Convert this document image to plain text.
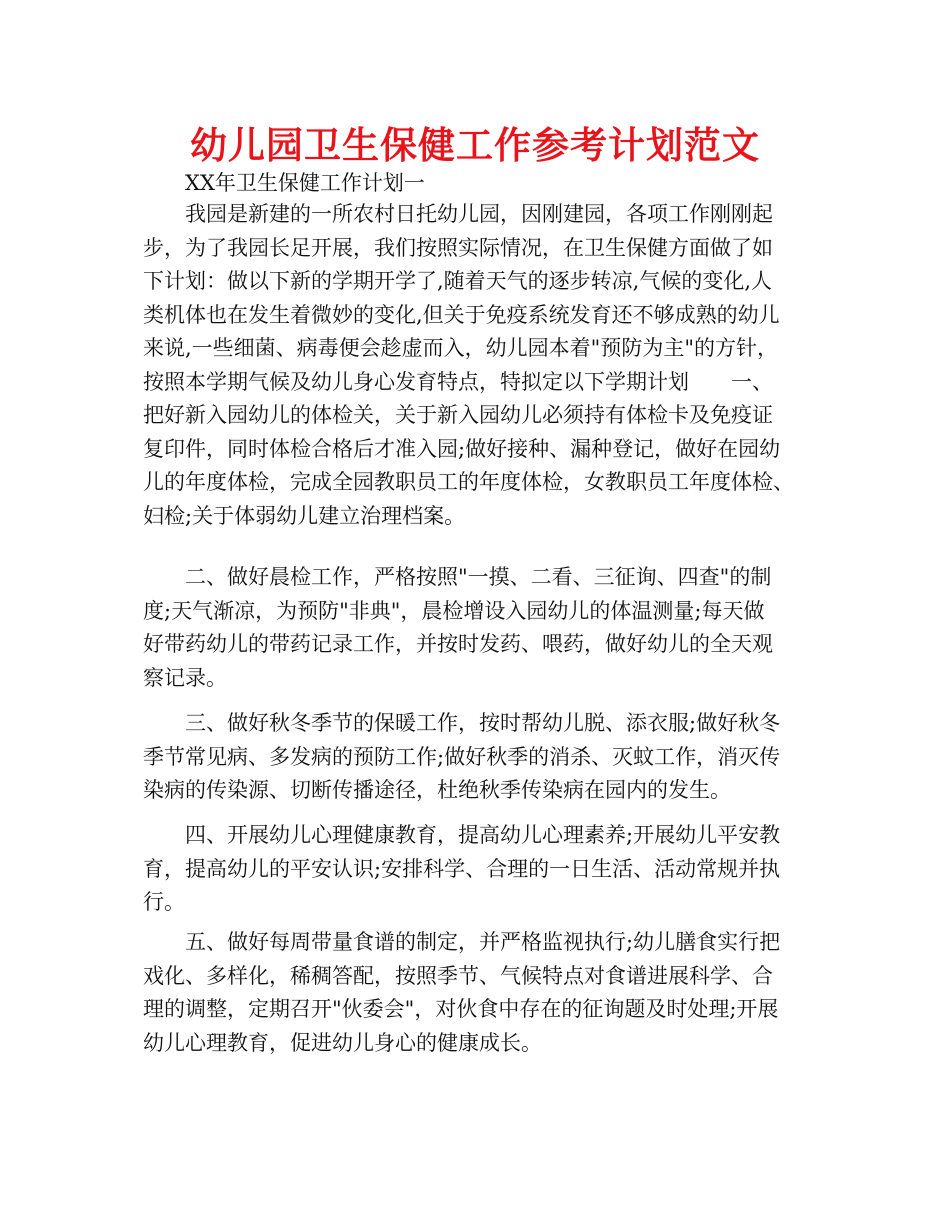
幼儿园卫生保健工作参考计划范文
XX年卫生保健工作计划一
我园是新建的一所农村日托幼儿园，因刚建园，各项工作刚刚起
步，为了我园长足开展，我们按照实际情况，在卫生保健方面做了如
下计划：做以下新的学期开学了,随着天气的逐步转凉,气候的变化,人
类机体也在发生着微妙的变化,但关于免疫系统发育还不够成熟的幼儿
来说,一些细菌、病毒便会趁虚而入，幼儿园本着"预防为主"的方针，
按照本学期气候及幼儿身心发育特点，特拟定以下学期计划　　一、
把好新入园幼儿的体检关，关于新入园幼儿必须持有体检卡及免疫证
复印件，同时体检合格后才准入园;做好接种、漏种登记，做好在园幼
儿的年度体检，完成全园教职员工的年度体检，女教职员工年度体检、
妇检;关于体弱幼儿建立治理档案。
二、做好晨检工作，严格按照"一摸、二看、三征询、四查"的制
度;天气渐凉，为预防"非典"，晨检增设入园幼儿的体温测量;每天做
好带药幼儿的带药记录工作，并按时发药、喂药，做好幼儿的全天观
察记录。
三、做好秋冬季节的保暖工作，按时帮幼儿脱、添衣服;做好秋冬
季节常见病、多发病的预防工作;做好秋季的消杀、灭蚊工作，消灭传
染病的传染源、切断传播途径，杜绝秋季传染病在园内的发生。
四、开展幼儿心理健康教育，提高幼儿心理素养;开展幼儿平安教
育，提高幼儿的平安认识;安排科学、合理的一日生活、活动常规并执
行。
五、做好每周带量食谱的制定，并严格监视执行;幼儿膳食实行把
戏化、多样化，稀稠答配，按照季节、气候特点对食谱进展科学、合
理的调整，定期召开"伙委会"，对伙食中存在的征询题及时处理;开展
幼儿心理教育，促进幼儿身心的健康成长。
